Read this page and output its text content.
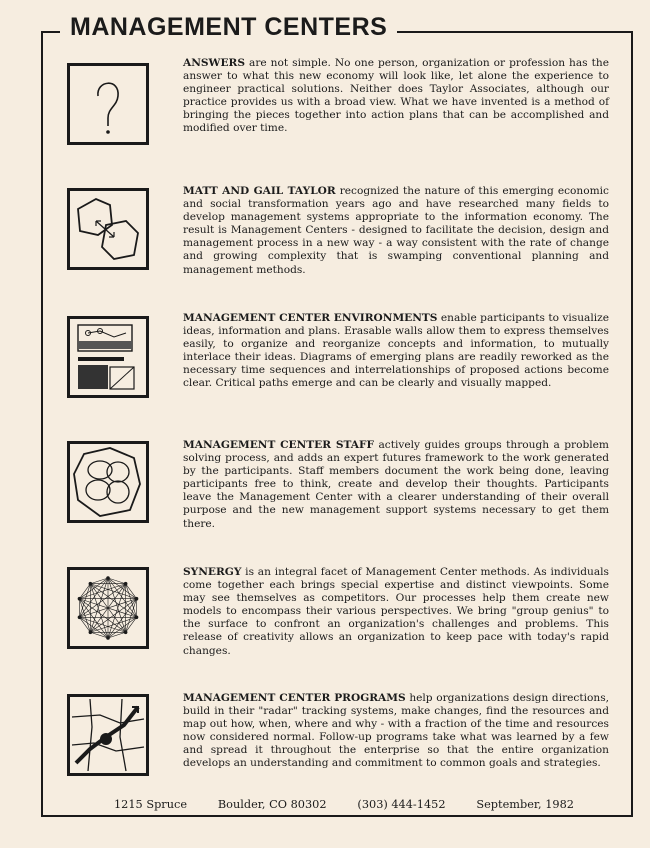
MANAGEMENT CENTERS
ANSWERS are not simple. No one person, organization or profession has the answer to what this new economy will look like, let alone the experience to engineer practical solutions. Neither does Taylor Associates, although our practice provides us with a broad view. What we have invented is a method of bringing the pieces together into action plans that can be accomplished and modified over time.
MATT AND GAIL TAYLOR recognized the nature of this emerging economic and social transformation years ago and have researched many fields to develop management systems appropriate to the information economy. The result is Management Centers - designed to facilitate the decision, design and management process in a new way - a way consistent with the rate of change and growing complexity that is swamping conventional planning and management methods.
MANAGEMENT CENTER ENVIRONMENTS enable participants to visualize ideas, information and plans. Erasable walls allow them to express themselves easily, to organize and reorganize concepts and information, to mutually interlace their ideas. Diagrams of emerging plans are readily reworked as the necessary time sequences and interrelationships of proposed actions become clear. Critical paths emerge and can be clearly and visually mapped.
MANAGEMENT CENTER STAFF actively guides groups through a problem solving process, and adds an expert futures framework to the work generated by the participants. Staff members document the work being done, leaving participants free to think, create and develop their thoughts. Participants leave the Management Center with a clearer understanding of their overall purpose and the new management support systems necessary to get them there.
SYNERGY is an integral facet of Management Center methods. As individuals come together each brings special expertise and distinct viewpoints. Some may see themselves as competitors. Our processes help them create new models to encompass their various perspectives. We bring "group genius" to the surface to confront an organization's challenges and problems. This release of creativity allows an organization to keep pace with today's rapid changes.
MANAGEMENT CENTER PROGRAMS help organizations design directions, build in their "radar" tracking systems, make changes, find the resources and map out how, when, where and why - with a fraction of the time and resources now considered normal. Follow-up programs take what was learned by a few and spread it throughout the enterprise so that the entire organization develops an understanding and commitment to common goals and strategies.
1215 Spruce	Boulder, CO 80302	(303) 444-1452	September, 1982
